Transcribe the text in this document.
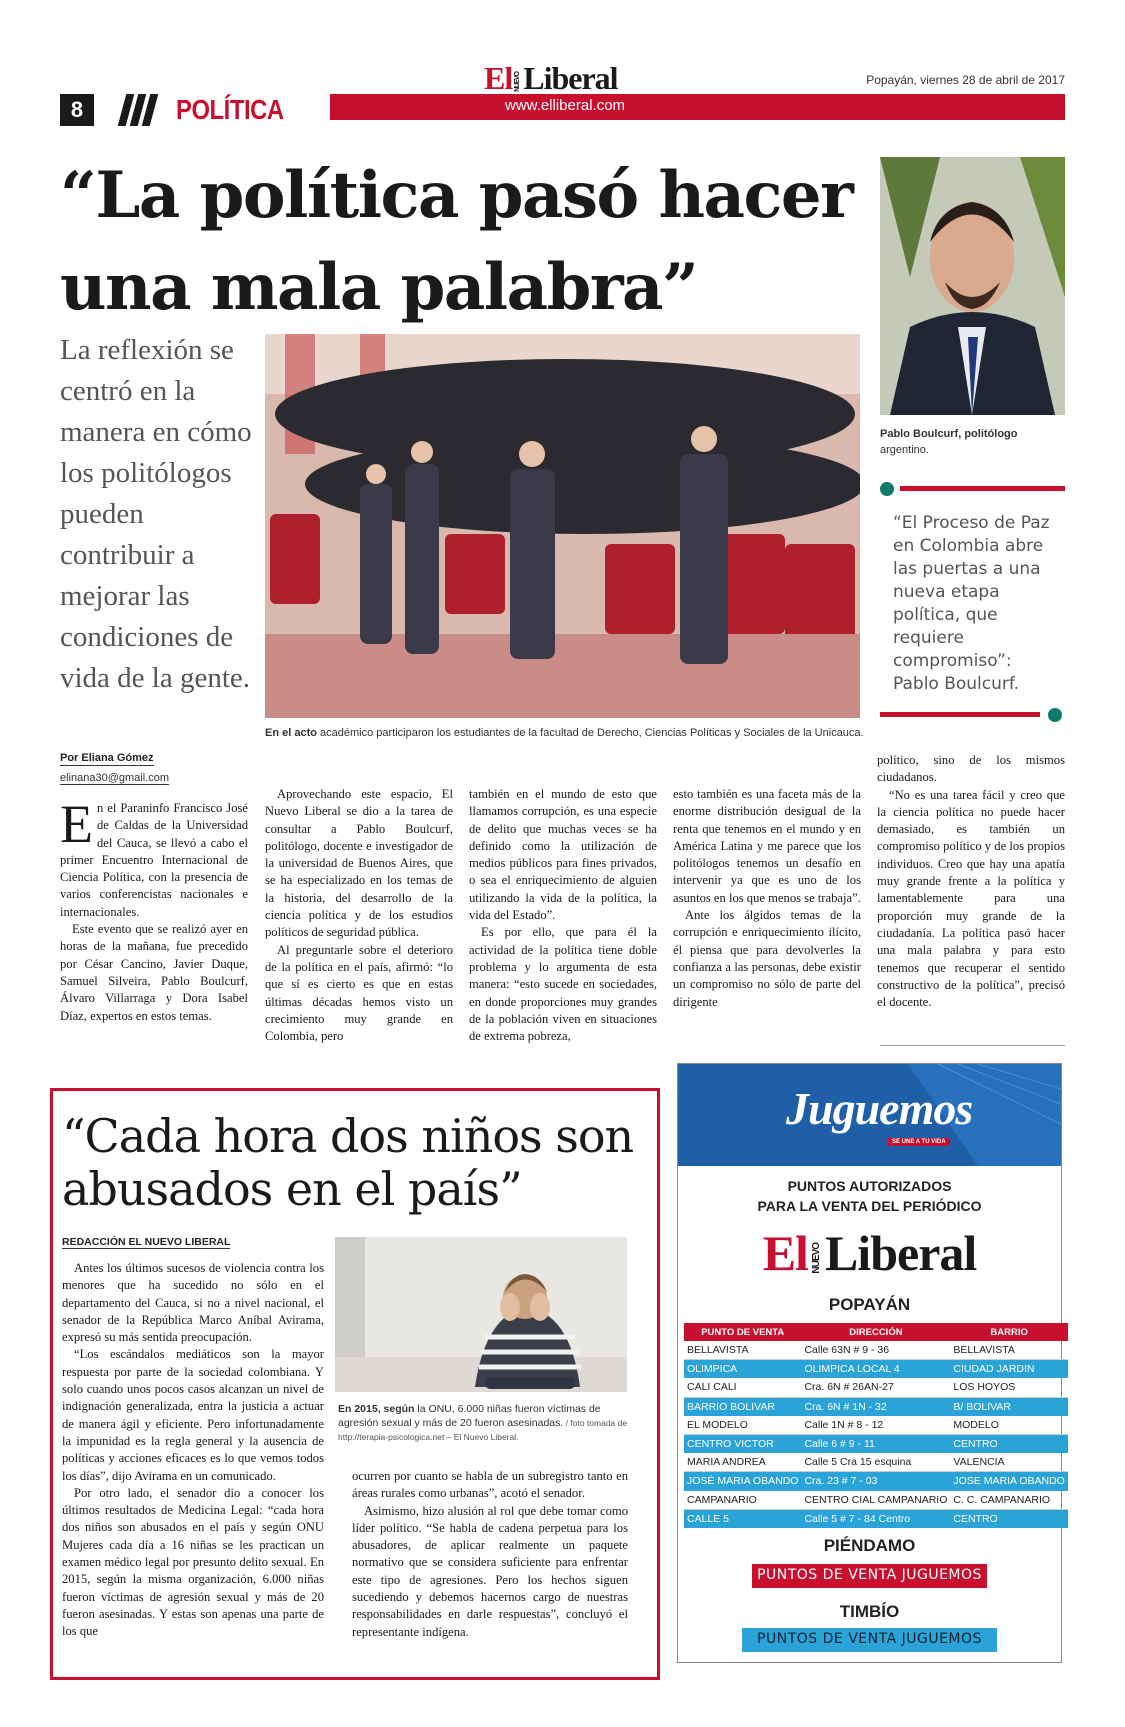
8	POLÍTICA
El NUEVOLiberal
www.elliberal.com
Popayán, viernes 28 de abril de 2017
“La política pasó hacer una mala palabra”
La reflexión se centró en la manera en cómo los politólogos pueden contribuir a mejorar las condiciones de vida de la gente.
En el acto académico participaron los estudiantes de la facultad de Derecho, Ciencias Políticas y Sociales de la Unicauca.
Pablo Boulcurf, politólogo argentino.
“El Proceso de Paz en Colombia abre las puertas a una nueva etapa política, que requiere compromiso”: Pablo Boulcurf.
Por Eliana Gómez
elinana30@gmail.com

En el Paraninfo Francisco José de Caldas de la Universidad del Cauca, se llevó a cabo el primer Encuentro Internacional de Ciencia Política, con la presencia de varios conferencistas nacionales e internacionales.

Este evento que se realizó ayer en horas de la mañana, fue precedido por César Cancino, Javier Duque, Samuel Silveira, Pablo Boulcurf, Álvaro Villarraga y Dora Isabel Díaz, expertos en estos temas.

Aprovechando este espacio, El Nuevo Liberal se dio a la tarea de consultar a Pablo Boulcurf, politólogo, docente e investigador de la universidad de Buenos Aires, que se ha especializado en los temas de la historia, del desarrollo de la ciencia política y de los estudios políticos de seguridad pública.

Al preguntarle sobre el deterioro de la política en el país, afirmó: “lo que sí es cierto es que en estas últimas décadas hemos visto un crecimiento muy grande en Colombia, pero

también en el mundo de esto que llamamos corrupción, es una especie de delito que muchas veces se ha definido como la utilización de medios públicos para fines privados, o sea el enriquecimiento de alguien utilizando la vida de la política, la vida del Estado”.

Es por ello, que para él la actividad de la política tiene doble problema y lo argumenta de esta manera: “esto sucede en sociedades, en donde proporciones muy grandes de la población viven en situaciones de extrema pobreza,

esto también es una faceta más de la enorme distribución desigual de la renta que tenemos en el mundo y en América Latina y me parece que los politólogos tenemos un desafío en intervenir ya que es uno de los asuntos en los que menos se trabaja”.

Ante los álgidos temas de la corrupción e enriquecimiento ilícito, él piensa que para devolverles la confianza a las personas, debe existir un compromiso no sólo de parte del dirigente

político, sino de los mismos ciudadanos.

“No es una tarea fácil y creo que la ciencia política no puede hacer demasiado, es también un compromiso político y de los propios individuos. Creo que hay una apatía muy grande frente a la política y lamentablemente para una proporción muy grande de la ciudadanía. La política pasó hacer una mala palabra y para esto tenemos que recuperar el sentido constructivo de la política”, precisó el docente.

“Cada hora dos niños son abusados en el país”
REDACCIÓN EL NUEVO LIBERAL
En 2015, según la ONU, 6.000 niñas fueron víctimas de agresión sexual y más de 20 fueron asesinadas. / foto tomada de http://terapia-psicologica.net – El Nuevo Liberal.

Antes los últimos sucesos de violencia contra los menores que ha sucedido no sólo en el departamento del Cauca, si no a nivel nacional, el senador de la República Marco Aníbal Avirama, expresó su más sentida preocupación.

“Los escándalos mediáticos son la mayor respuesta por parte de la sociedad colombiana. Y solo cuando unos pocos casos alcanzan un nivel de indignación generalizada, entra la justicia a actuar de manera ágil y eficiente. Pero infortunadamente la impunidad es la regla general y la ausencia de políticas y acciones eficaces es lo que vemos todos los días”, dijo Avirama en un comunicado.

Por otro lado, el senador dio a conocer los últimos resultados de Medicina Legal: “cada hora dos niños son abusados en el país y según ONU Mujeres cada día a 16 niñas se les practican un examen médico legal por presunto delito sexual. En 2015, según la misma organización, 6.000 niñas fueron víctimas de agresión sexual y más de 20 fueron asesinadas. Y estas son apenas una parte de los que

ocurren por cuanto se habla de un subregistro tanto en áreas rurales como urbanas”, acotó el senador.

Asimismo, hizo alusión al rol que debe tomar como líder político. “Se habla de cadena perpetua para los abusadores, de aplicar realmente un paquete normativo que se considera suficiente para enfrentar este tipo de agresiones. Pero los hechos siguen sucediendo y debemos hacernos cargo de nuestras responsabilidades en darle respuestas”, concluyó el representante indígena.

Juguemos
SE UNE A TU VIDA
PUNTOS AUTORIZADOS
PARA LA VENTA DEL PERIÓDICO
El NUEVOLiberal
POPAYÁN
PUNTO DE VENTA	DIRECCIÓN	BARRIO
BELLAVISTA	Calle 63N # 9 - 36	BELLAVISTA
OLIMPICA	OLIMPICA LOCAL 4	CIUDAD JARDIN
CALI CALI	Cra. 6N # 26AN-27	LOS HOYOS
BARRIO BOLIVAR	Cra. 6N # 1N - 32	B/ BOLIVAR
EL MODELO	Calle 1N # 8 - 12	MODELO
CENTRO VICTOR	Calle 6 # 9 - 11	CENTRO
MARIA ANDREA	Calle 5 Cra 15 esquina	VALENCIA
JOSÉ MARIA OBANDO	Cra. 23 # 7 - 03	JOSE MARIA OBANDO
CAMPANARIO	CENTRO CIAL CAMPANARIO	C. C. CAMPANARIO
CALLE 5	Calle 5 # 7 - 84 Centro	CENTRO
PIÉNDAMO
PUNTOS DE VENTA JUGUEMOS
TIMBÍO
PUNTOS DE VENTA JUGUEMOS
